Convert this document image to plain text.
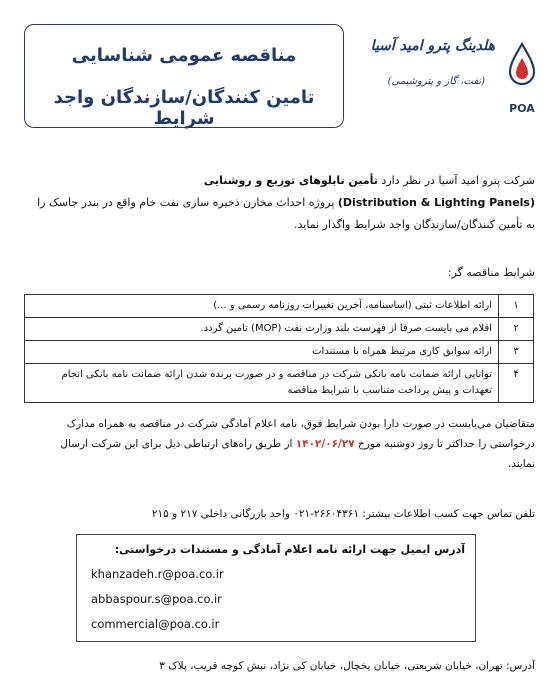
مناقصه عمومی شناسایی
تامین کنندگان/سازندگان واجد شرایط
هلدینگ پترو امید آسیا
(نفت، گاز و پتروشیمی)
POA
شرکت پترو امید آسیا در نظر دارد تأمین تابلوهای توزیع و روشنایی
(Distribution & Lighting Panels) پروژه احداث مخازن ذخیره سازی نفت خام واقع در بندر جاسک را
به تأمین کنندگان/سازندگان واجد شرایط واگذار نماید.
شرایط مناقصه گر:
۱	ارائه اطلاعات ثبتی (اساسنامه، آخرین تغییرات روزنامه رسمی و ...)
۲	اقلام می بایست صرفا از فهرست بلند وزارت نفت (MOP) تامین گردد.
۳	ارائه سوابق کاری مرتبط همراه با مستندات
۴	توانایی ارائه ضمانت نامه بانکی شرکت در مناقصه و در صورت برنده شدن ارائه ضمانت نامه بانکی انجام تعهدات و پیش پرداخت متناسب با شرایط مناقصه
متقاضیان می‌بایست در صورت دارا بودن شرایط فوق، نامه اعلام آمادگی شرکت در مناقصه به همراه مدارک
درخواستی را حداکثر تا روز دوشنبه مورخ ۱۴۰۲/۰۶/۲۷ از طریق راه‌های ارتباطی ذیل برای این شرکت ارسال
نمایند.
تلفن تماس جهت کسب اطلاعات بیشتر: ۲۶۶۰۴۳۶۱-۰۲۱ واحد بازرگانی داخلی ۲۱۷ و ۲۱۵
آدرس ایمیل جهت ارائه نامه اعلام آمادگی و مستندات درخواستی:
khanzadeh.r@poa.co.ir
abbaspour.s@poa.co.ir
commercial@poa.co.ir
آدرس: تهران، خیابان شریعتی، خیابان یخچال، خیابان کی نژاد، نبش کوچه قریب، پلاک ۳
